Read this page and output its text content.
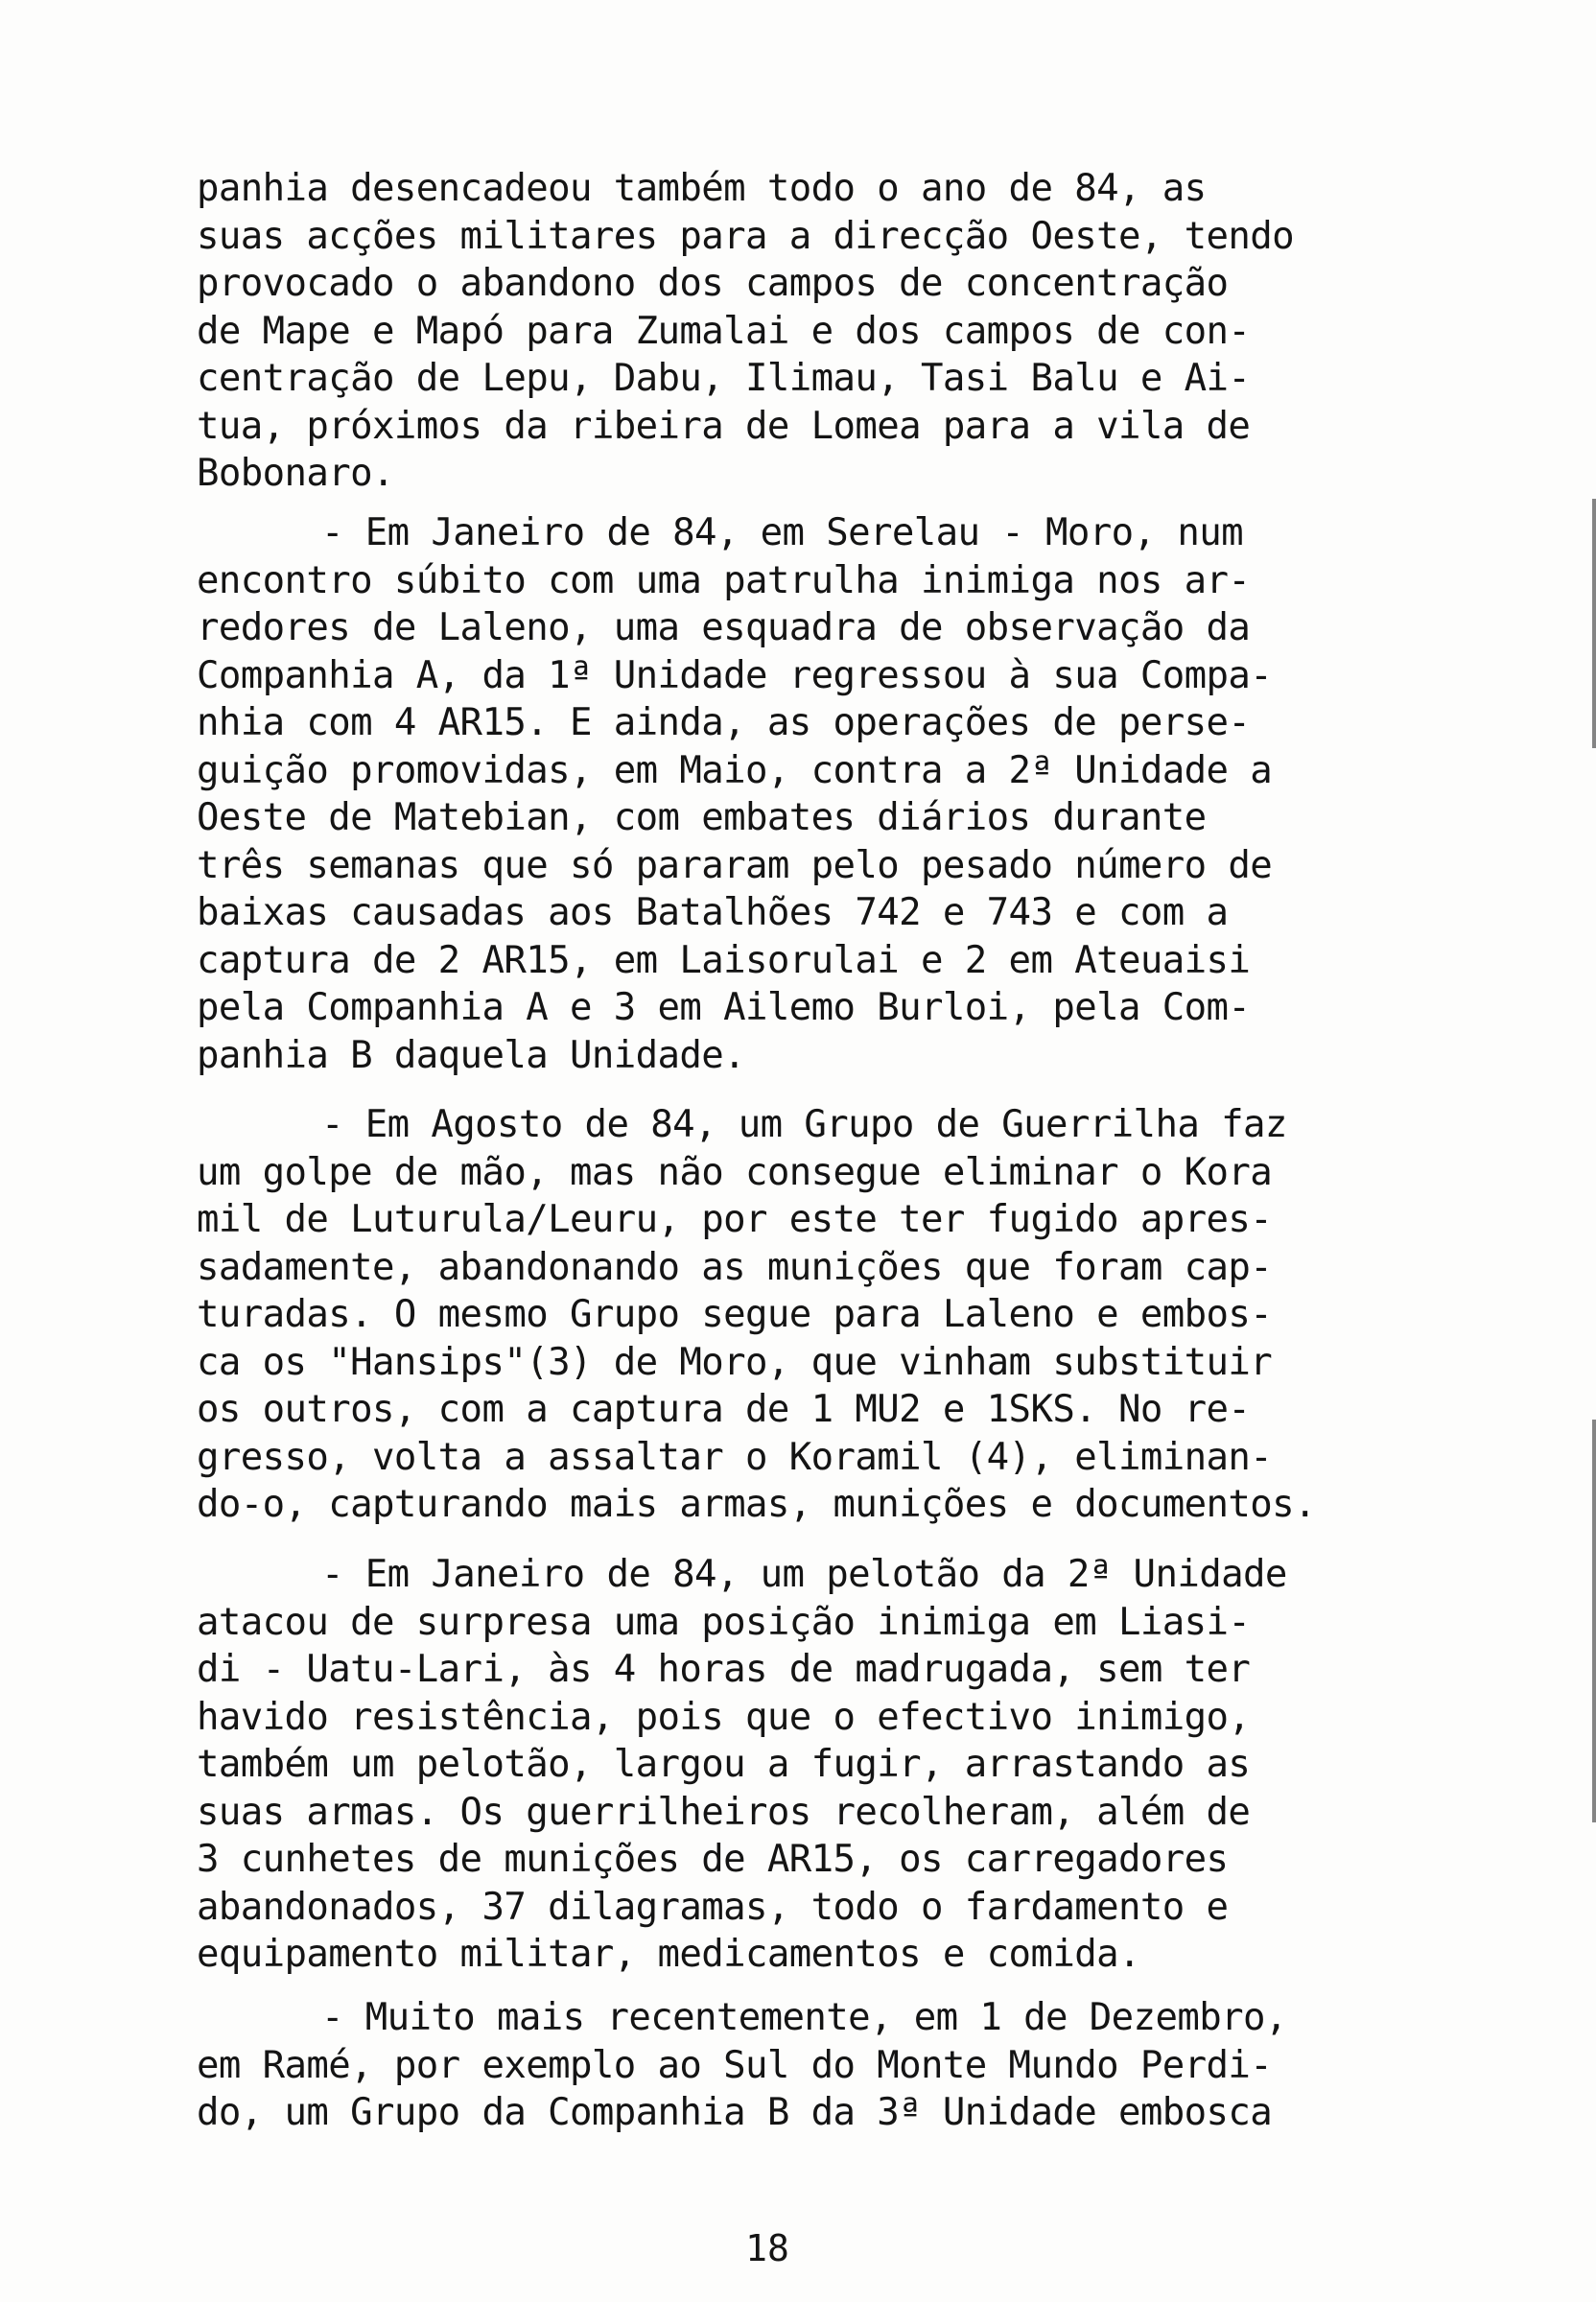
panhia desencadeou também todo o ano de 84, as
suas acções militares para a direcção Oeste, tendo
provocado o abandono dos campos de concentração
de Mape e Mapó para Zumalai e dos campos de con-
centração de Lepu, Dabu, Ilimau, Tasi Balu e Ai-
tua, próximos da ribeira de Lomea para a vila de
Bobonaro.
- Em Janeiro de 84, em Serelau - Moro, num
encontro súbito com uma patrulha inimiga nos ar-
redores de Laleno, uma esquadra de observação da
Companhia A, da 1ª Unidade regressou à sua Compa-
nhia com 4 AR15. E ainda, as operações de perse-
guição promovidas, em Maio, contra a 2ª Unidade a
Oeste de Matebian, com embates diários durante
três semanas que só pararam pelo pesado número de
baixas causadas aos Batalhões 742 e 743 e com a
captura de 2 AR15, em Laisorulai e 2 em Ateuaisi
pela Companhia A e 3 em Ailemo Burloi, pela Com-
panhia B daquela Unidade.
- Em Agosto de 84, um Grupo de Guerrilha faz
um golpe de mão, mas não consegue eliminar o Kora
mil de Luturula/Leuru, por este ter fugido apres-
sadamente, abandonando as munições que foram cap-
turadas. O mesmo Grupo segue para Laleno e embos-
ca os "Hansips"(3) de Moro, que vinham substituir
os outros, com a captura de 1 MU2 e 1SKS. No re-
gresso, volta a assaltar o Koramil (4), eliminan-
do-o, capturando mais armas, munições e documentos.
- Em Janeiro de 84, um pelotão da 2ª Unidade
atacou de surpresa uma posição inimiga em Liasi-
di - Uatu-Lari, às 4 horas de madrugada, sem ter
havido resistência, pois que o efectivo inimigo,
também um pelotão, largou a fugir, arrastando as
suas armas. Os guerrilheiros recolheram, além de
3 cunhetes de munições de AR15, os carregadores
abandonados, 37 dilagramas, todo o fardamento e
equipamento militar, medicamentos e comida.
- Muito mais recentemente, em 1 de Dezembro,
em Ramé, por exemplo ao Sul do Monte Mundo Perdi-
do, um Grupo da Companhia B da 3ª Unidade embosca
18
